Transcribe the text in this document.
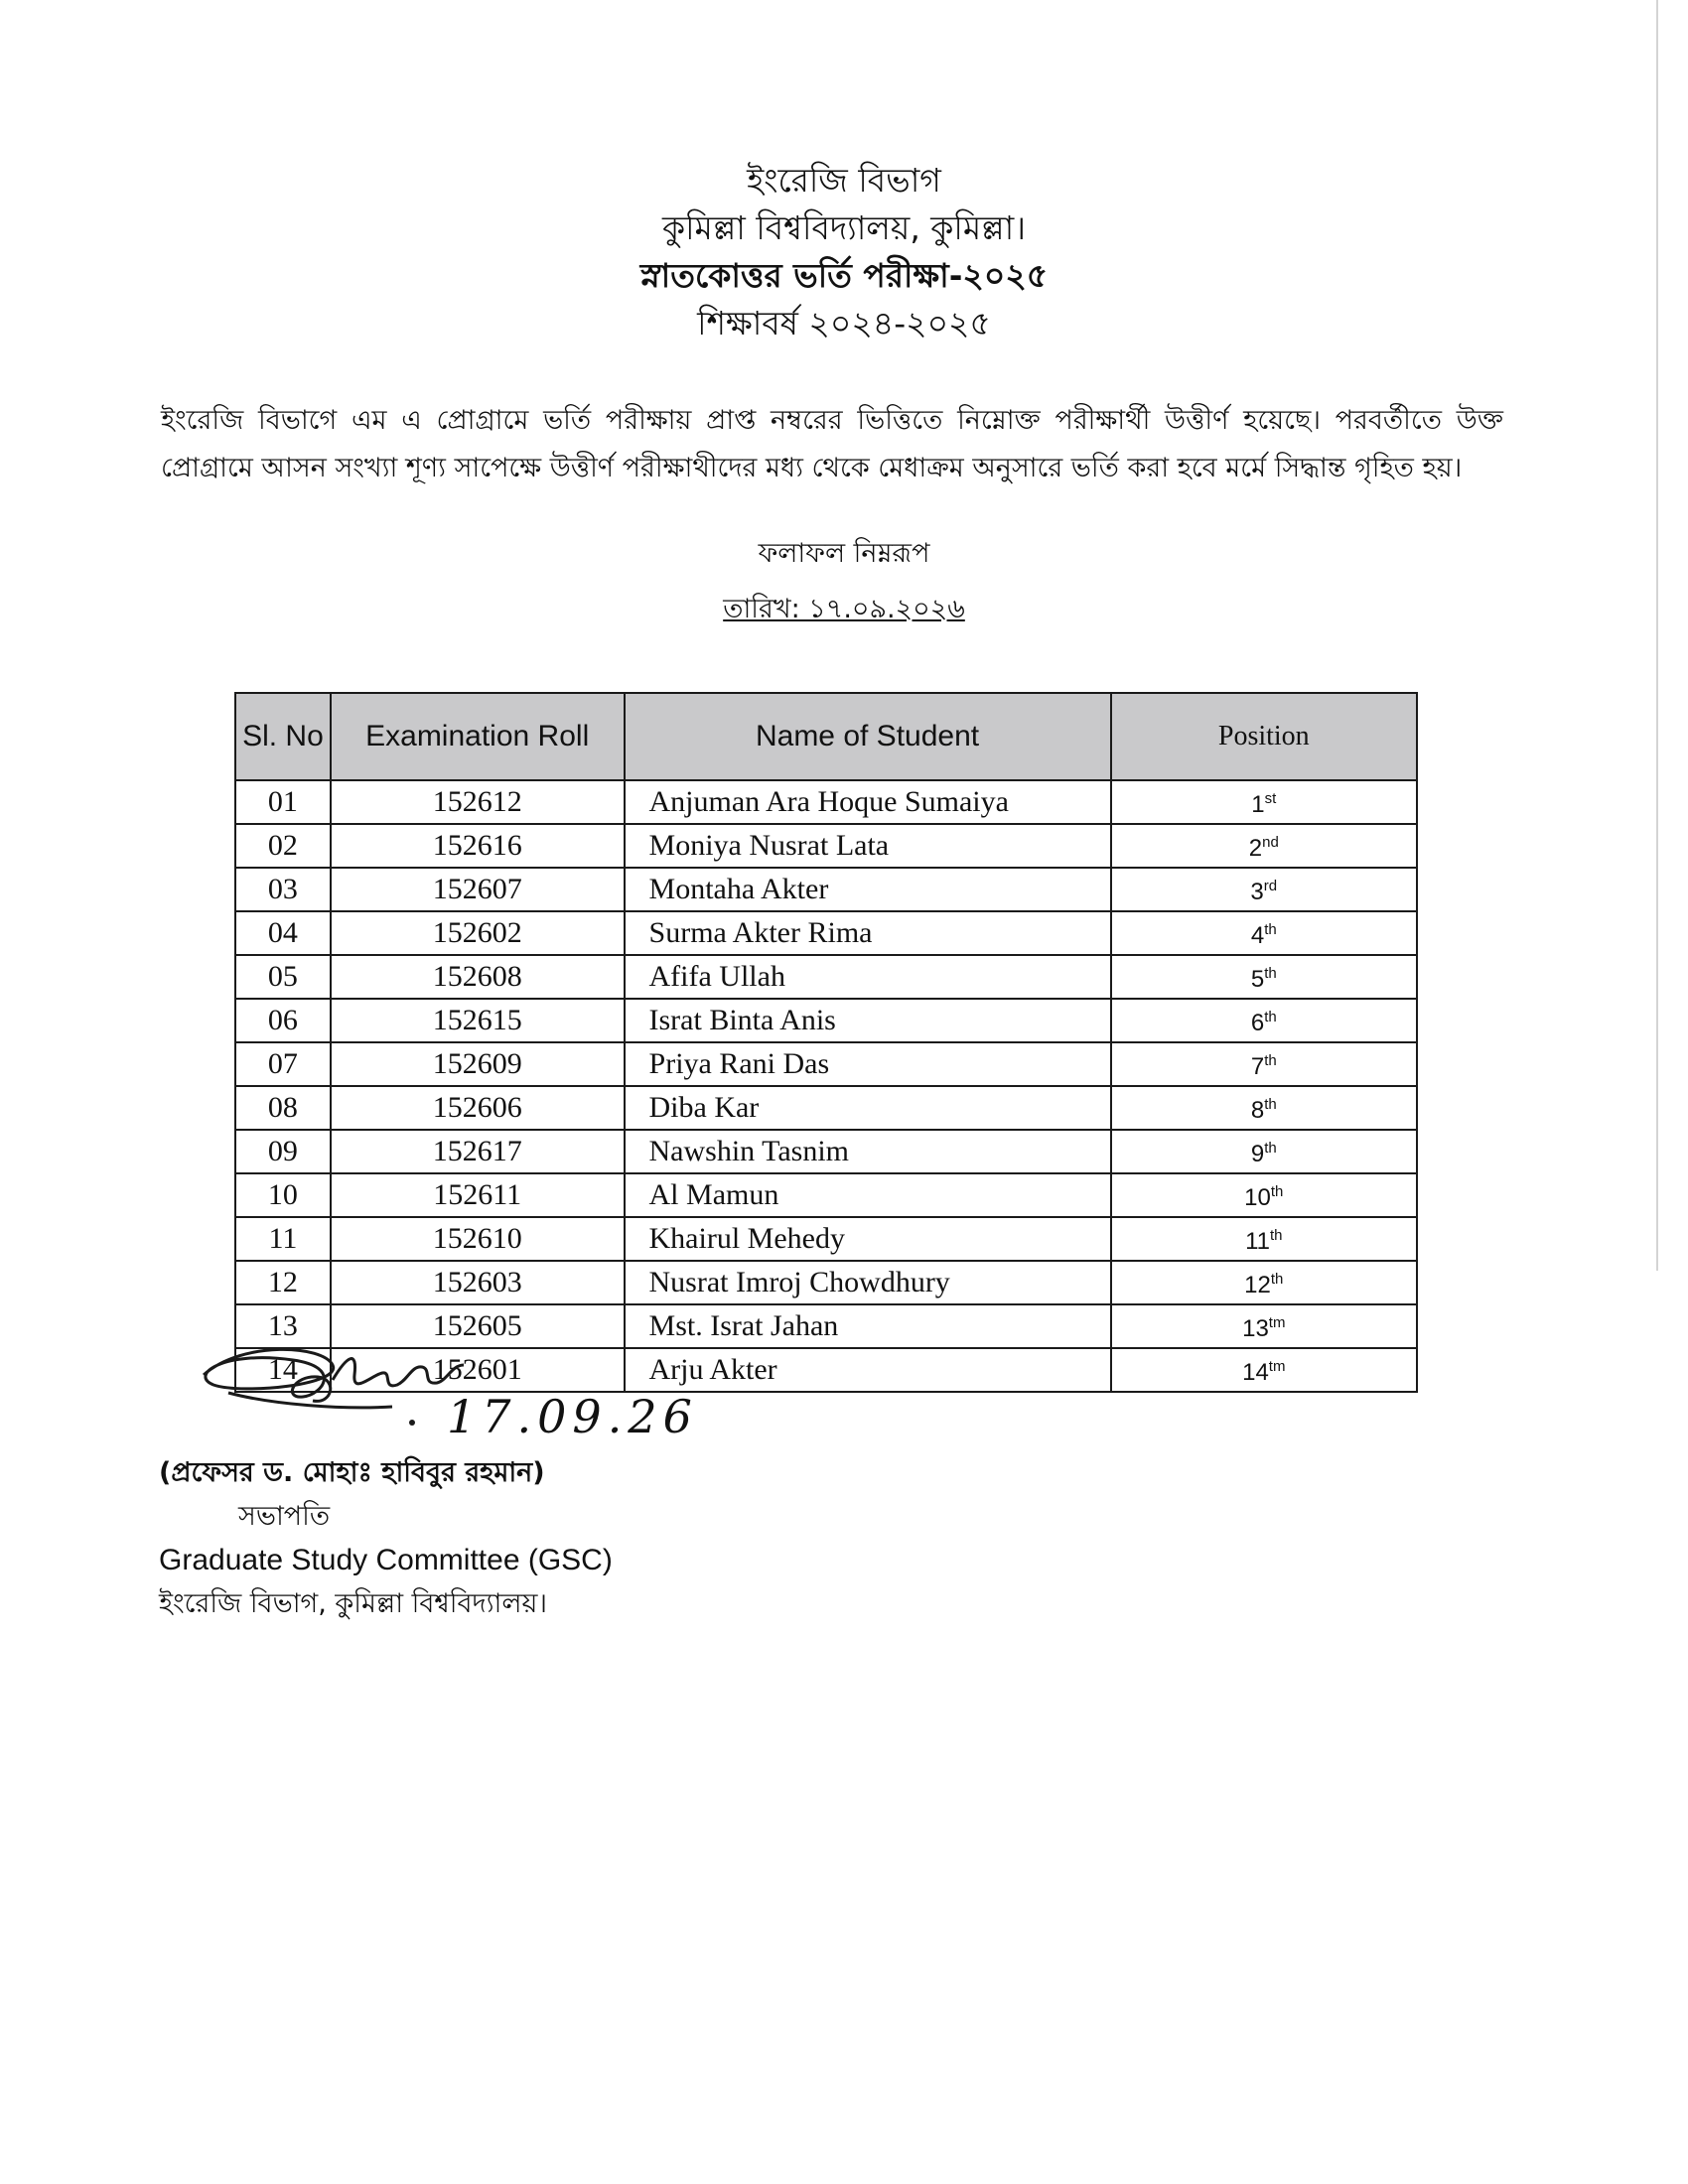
ইংরেজি বিভাগ
কুমিল্লা বিশ্ববিদ্যালয়, কুমিল্লা।
স্নাতকোত্তর ভর্তি পরীক্ষা-২০২৫
শিক্ষাবর্ষ ২০২৪-২০২৫
ইংরেজি বিভাগে এম এ প্রোগ্রামে ভর্তি পরীক্ষায় প্রাপ্ত নম্বরের ভিত্তিতে নিম্নোক্ত পরীক্ষার্থী উত্তীর্ণ হয়েছে। পরবর্তীতে উক্ত প্রোগ্রামে আসন সংখ্যা শূণ্য সাপেক্ষে উত্তীর্ণ পরীক্ষাথীদের মধ্য থেকে মেধাক্রম অনুসারে ভর্তি করা হবে মর্মে সিদ্ধান্ত গৃহিত হয়।
ফলাফল নিম্নরূপ
তারিখ: ১৭.০৯.২০২৬
Sl. No	Examination Roll	Name of Student	Position
01	152612	Anjuman Ara Hoque Sumaiya	1st
02	152616	Moniya Nusrat Lata	2nd
03	152607	Montaha Akter	3rd
04	152602	Surma Akter Rima	4th
05	152608	Afifa Ullah	5th
06	152615	Israt Binta Anis	6th
07	152609	Priya Rani Das	7th
08	152606	Diba Kar	8th
09	152617	Nawshin Tasnim	9th
10	152611	Al Mamun	10th
11	152610	Khairul Mehedy	11th
12	152603	Nusrat Imroj Chowdhury	12th
13	152605	Mst. Israt Jahan	$13^{tm}$
14	152601	Arju Akter	$14^{tm}$
17.09.26
(প্রফেসর ড. মোহাঃ হাবিবুর রহমান)
সভাপতি
Graduate Study Committee (GSC)
ইংরেজি বিভাগ, কুমিল্লা বিশ্ববিদ্যালয়।
